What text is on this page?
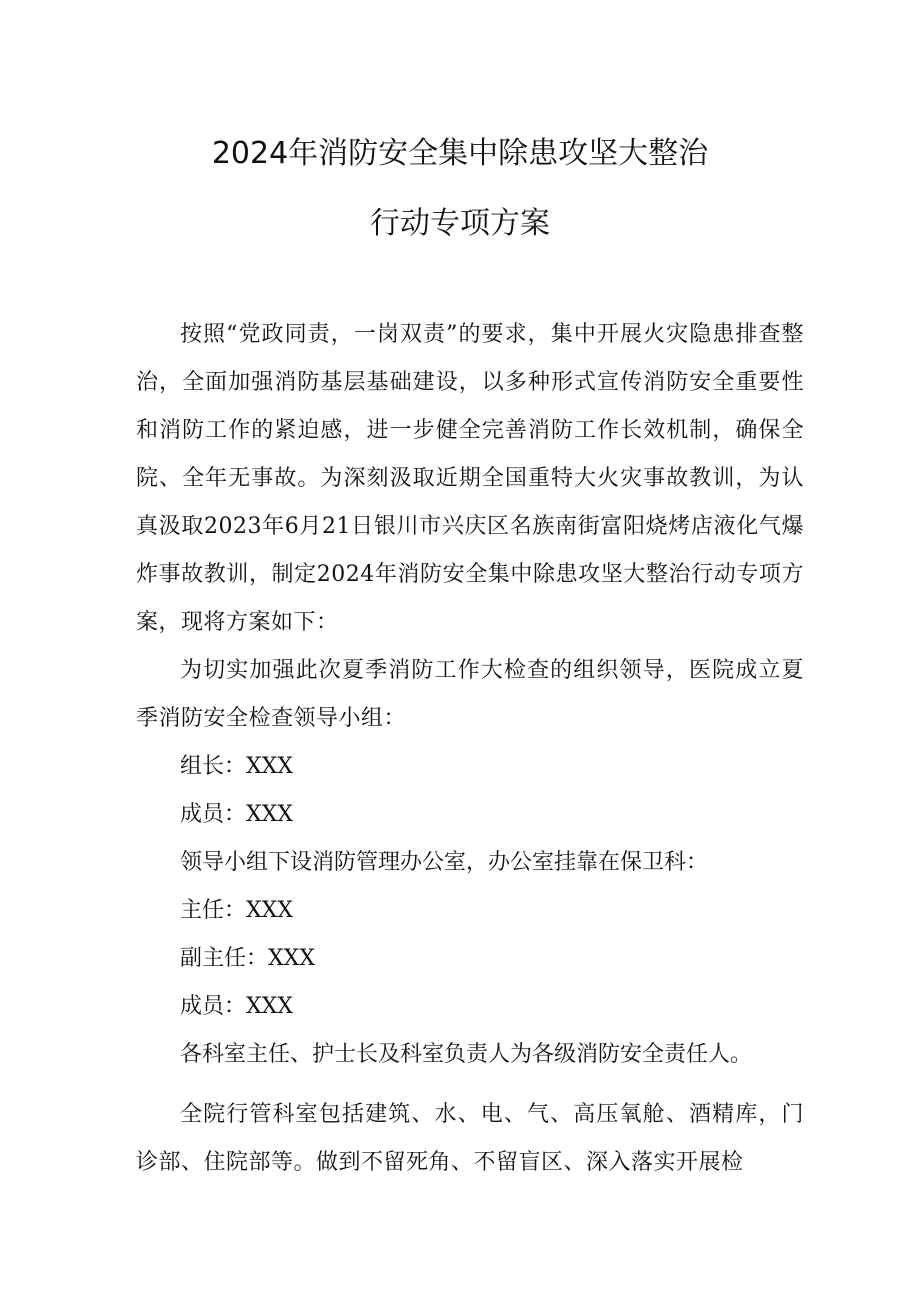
2024年消防安全集中除患攻坚大整治
行动专项方案

按照“党政同责，一岗双责”的要求，集中开展火灾隐患排查整治，全面加强消防基层基础建设，以多种形式宣传消防安全重要性和消防工作的紧迫感，进一步健全完善消防工作长效机制，确保全院、全年无事故。为深刻汲取近期全国重特大火灾事故教训，为认真汲取2023年6月21日银川市兴庆区名族南街富阳烧烤店液化气爆炸事故教训，制定2024年消防安全集中除患攻坚大整治行动专项方案，现将方案如下：

为切实加强此次夏季消防工作大检查的组织领导，医院成立夏季消防安全检查领导小组：

组长：XXX

成员：XXX

领导小组下设消防管理办公室，办公室挂靠在保卫科：

主任：XXX

副主任：XXX

成员：XXX

各科室主任、护士长及科室负责人为各级消防安全责任人。

全院行管科室包括建筑、水、电、气、高压氧舱、酒精库，门诊部、住院部等。做到不留死角、不留盲区、深入落实开展检
